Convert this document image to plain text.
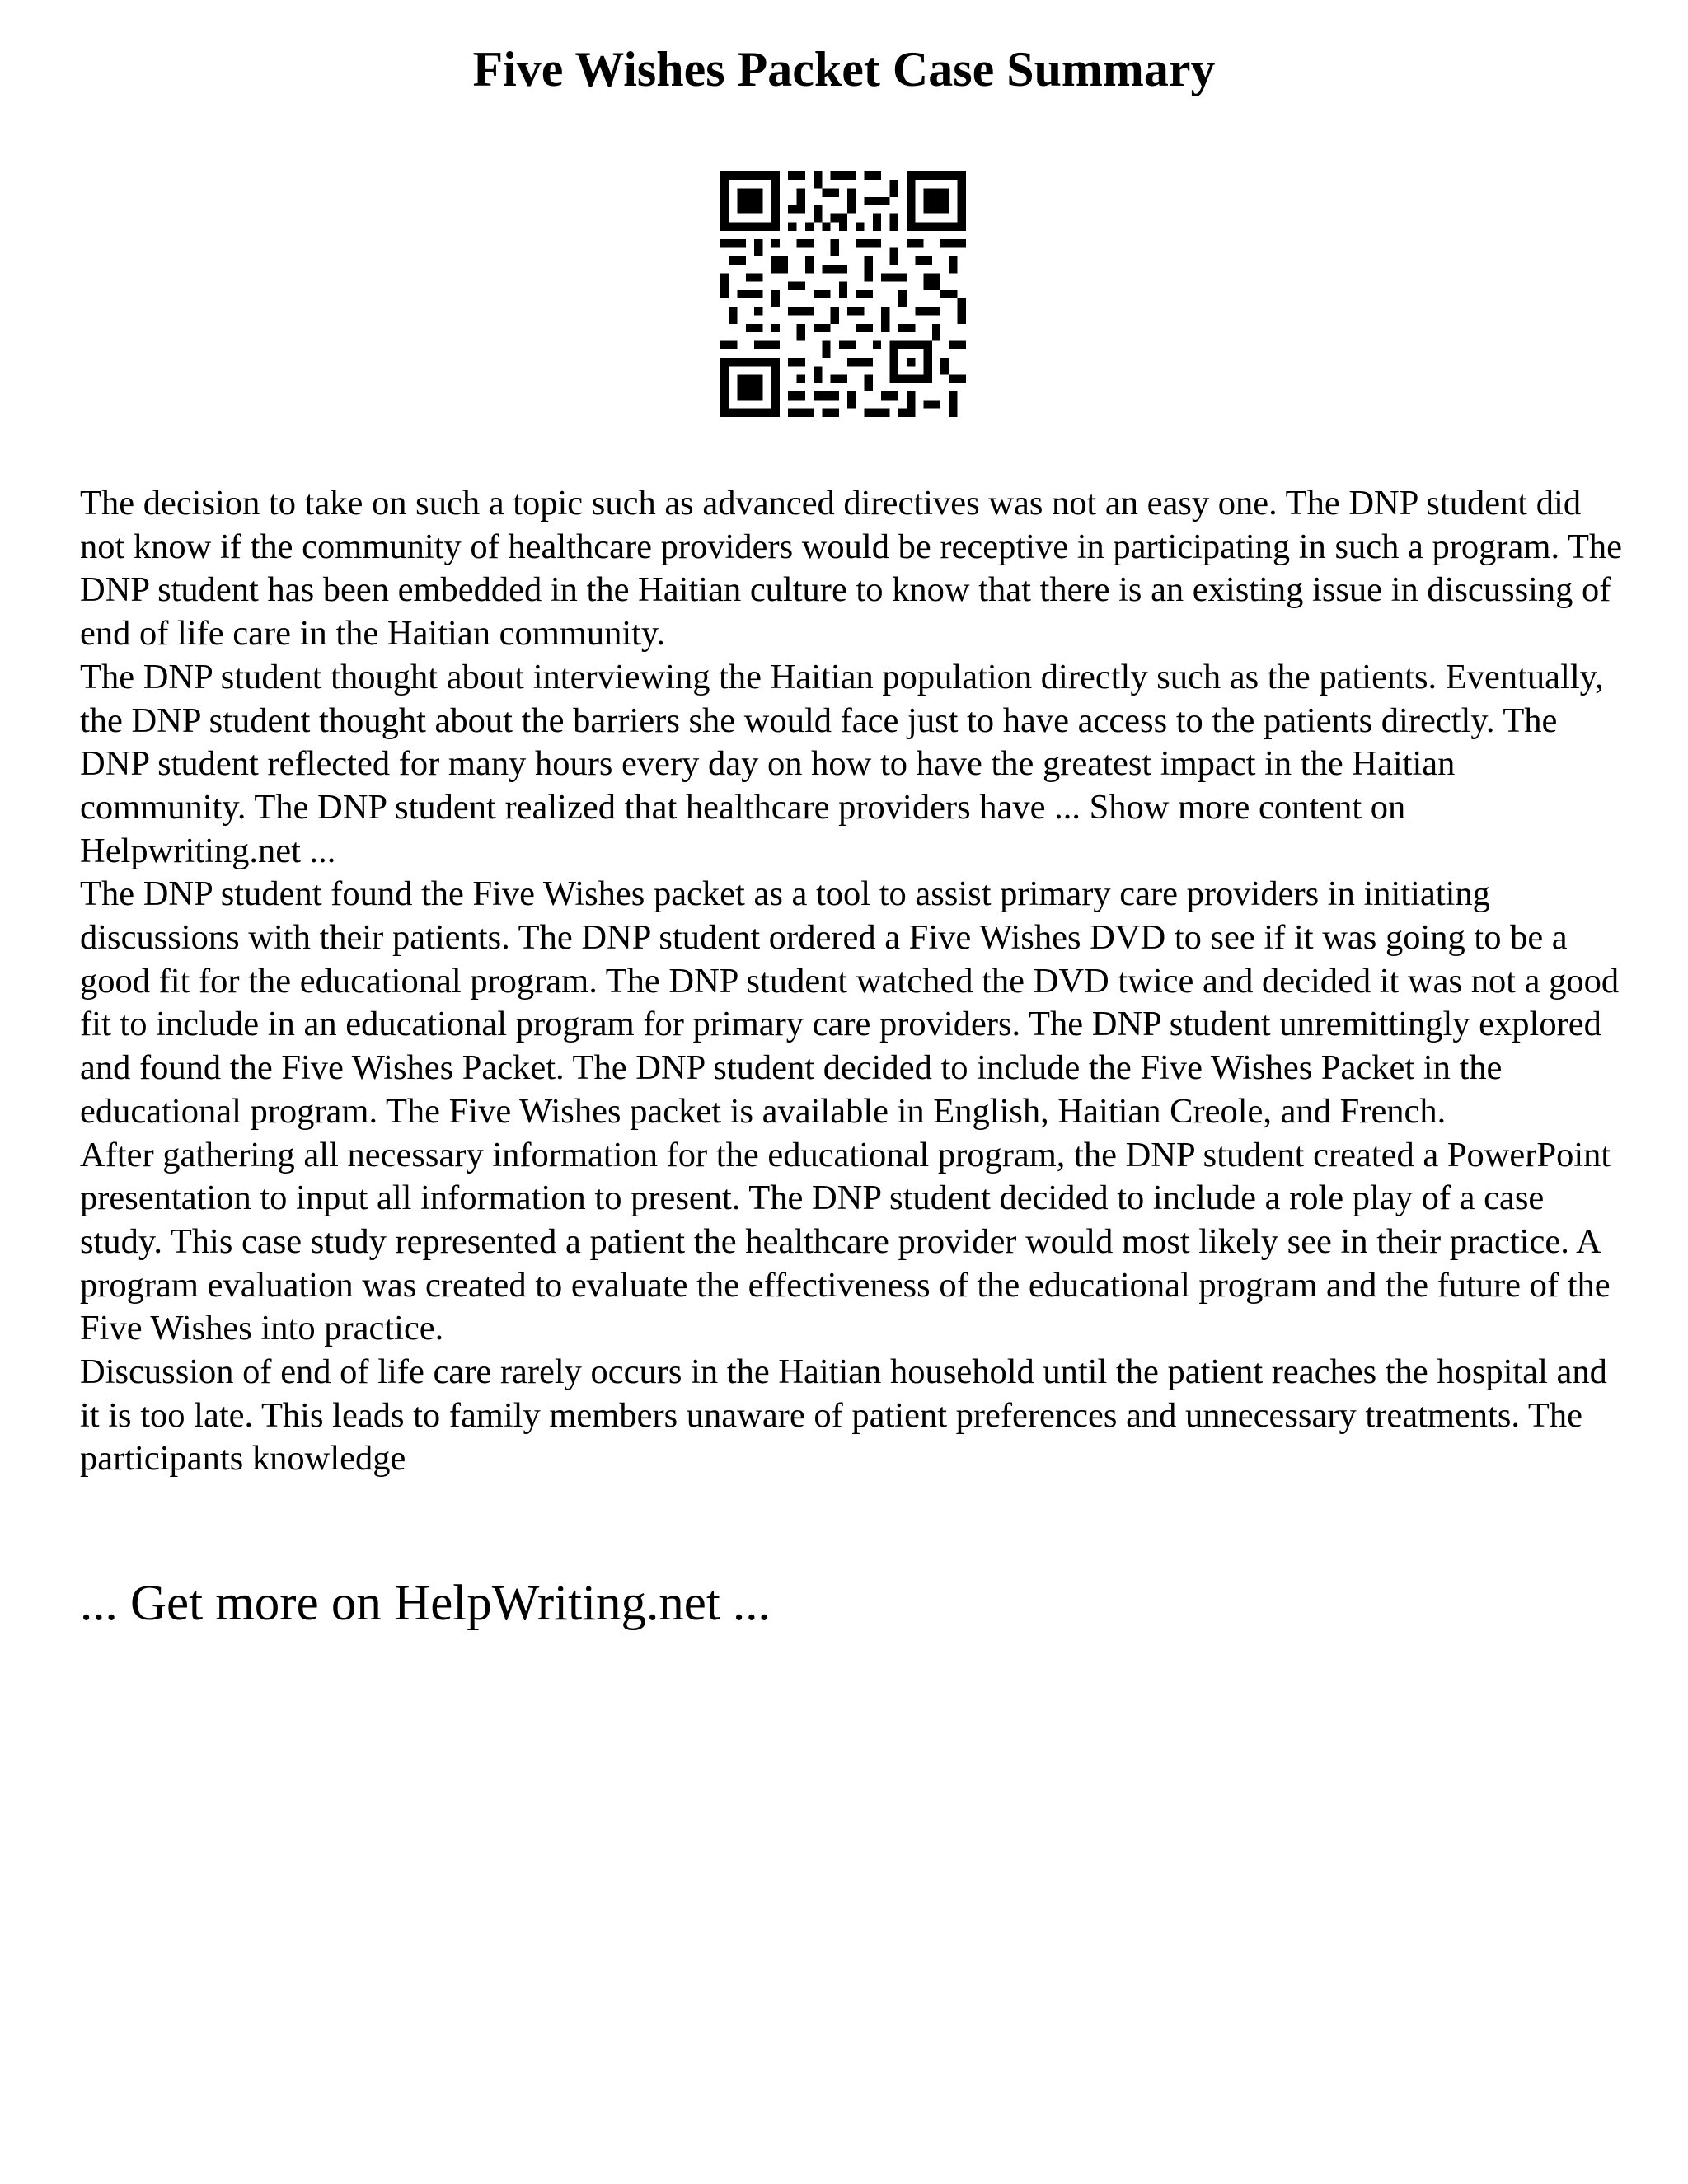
Five Wishes Packet Case Summary

The decision to take on such a topic such as advanced directives was not an easy one. The DNP student did not know if the community of healthcare providers would be receptive in participating in such a program. The DNP student has been embedded in the Haitian culture to know that there is an existing issue in discussing of end of life care in the Haitian community.

The DNP student thought about interviewing the Haitian population directly such as the patients. Eventually, the DNP student thought about the barriers she would face just to have access to the patients directly. The DNP student reflected for many hours every day on how to have the greatest impact in the Haitian community. The DNP student realized that healthcare providers have ... Show more content on Helpwriting.net ...

The DNP student found the Five Wishes packet as a tool to assist primary care providers in initiating discussions with their patients. The DNP student ordered a Five Wishes DVD to see if it was going to be a good fit for the educational program. The DNP student watched the DVD twice and decided it was not a good fit to include in an educational program for primary care providers. The DNP student unremittingly explored and found the Five Wishes Packet. The DNP student decided to include the Five Wishes Packet in the educational program. The Five Wishes packet is available in English, Haitian Creole, and French.

After gathering all necessary information for the educational program, the DNP student created a PowerPoint presentation to input all information to present. The DNP student decided to include a role play of a case study. This case study represented a patient the healthcare provider would most likely see in their practice. A program evaluation was created to evaluate the effectiveness of the educational program and the future of the Five Wishes into practice.

Discussion of end of life care rarely occurs in the Haitian household until the patient reaches the hospital and it is too late. This leads to family members unaware of patient preferences and unnecessary treatments. The participants knowledge

... Get more on HelpWriting.net ...
